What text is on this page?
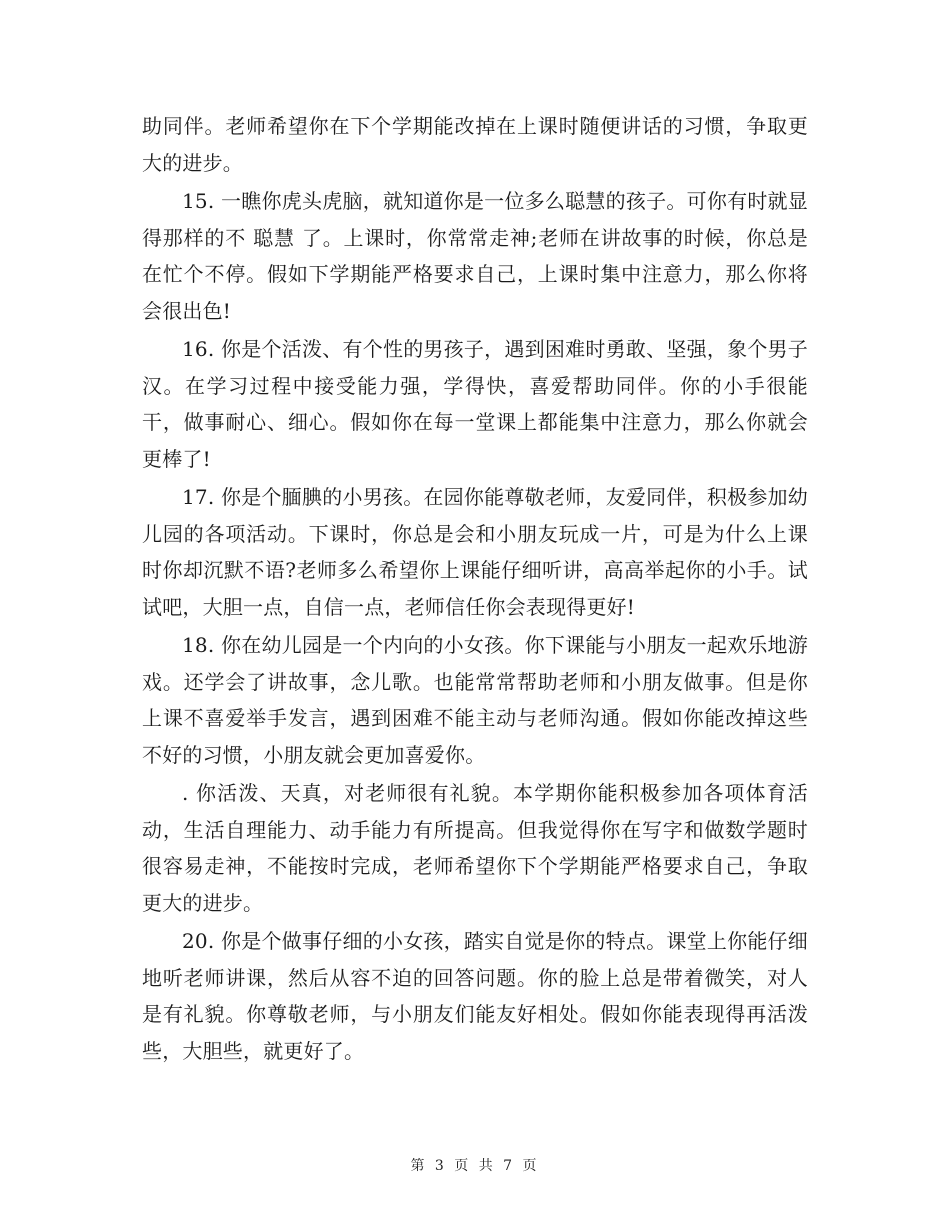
助同伴。老师希望你在下个学期能改掉在上课时随便讲话的习惯，争取更大的进步。

15. 一瞧你虎头虎脑，就知道你是一位多么聪慧的孩子。可你有时就显得那样的不 聪慧 了。上课时，你常常走神;老师在讲故事的时候，你总是在忙个不停。假如下学期能严格要求自己，上课时集中注意力，那么你将会很出色!

16. 你是个活泼、有个性的男孩子，遇到困难时勇敢、坚强，象个男子汉。在学习过程中接受能力强，学得快，喜爱帮助同伴。你的小手很能干，做事耐心、细心。假如你在每一堂课上都能集中注意力，那么你就会更棒了!

17. 你是个腼腆的小男孩。在园你能尊敬老师，友爱同伴，积极参加幼儿园的各项活动。下课时，你总是会和小朋友玩成一片，可是为什么上课时你却沉默不语?老师多么希望你上课能仔细听讲，高高举起你的小手。试试吧，大胆一点，自信一点，老师信任你会表现得更好!

18. 你在幼儿园是一个内向的小女孩。你下课能与小朋友一起欢乐地游戏。还学会了讲故事，念儿歌。也能常常帮助老师和小朋友做事。但是你上课不喜爱举手发言，遇到困难不能主动与老师沟通。假如你能改掉这些不好的习惯，小朋友就会更加喜爱你。

. 你活泼、天真，对老师很有礼貌。本学期你能积极参加各项体育活动，生活自理能力、动手能力有所提高。但我觉得你在写字和做数学题时很容易走神，不能按时完成，老师希望你下个学期能严格要求自己，争取更大的进步。

20. 你是个做事仔细的小女孩，踏实自觉是你的特点。课堂上你能仔细地听老师讲课，然后从容不迫的回答问题。你的脸上总是带着微笑，对人是有礼貌。你尊敬老师，与小朋友们能友好相处。假如你能表现得再活泼些，大胆些，就更好了。

第 3 页 共 7 页
